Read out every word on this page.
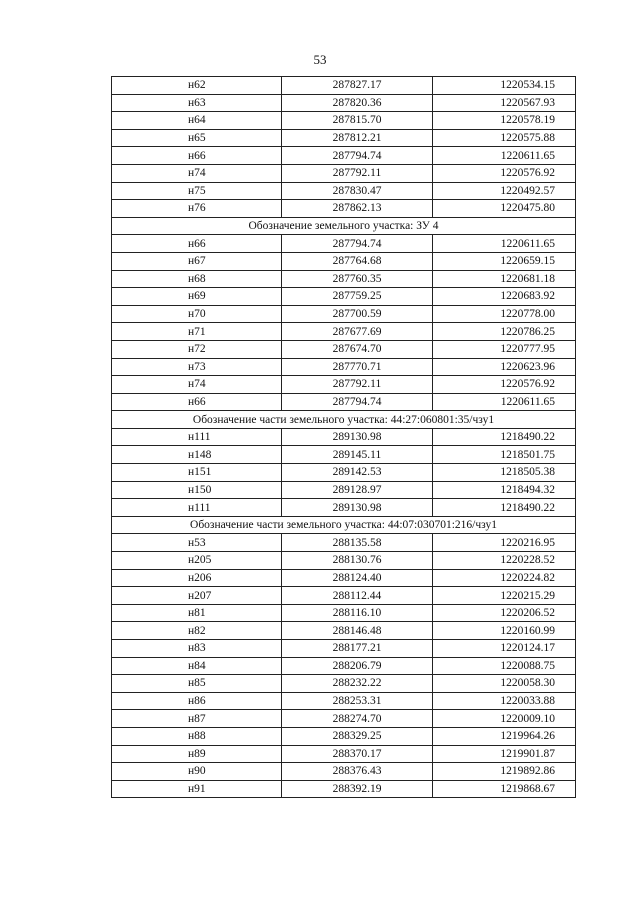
53
н62	287827.17	1220534.15
н63	287820.36	1220567.93
н64	287815.70	1220578.19
н65	287812.21	1220575.88
н66	287794.74	1220611.65
н74	287792.11	1220576.92
н75	287830.47	1220492.57
н76	287862.13	1220475.80
Обозначение земельного участка: ЗУ 4		
н66	287794.74	1220611.65
н67	287764.68	1220659.15
н68	287760.35	1220681.18
н69	287759.25	1220683.92
н70	287700.59	1220778.00
н71	287677.69	1220786.25
н72	287674.70	1220777.95
н73	287770.71	1220623.96
н74	287792.11	1220576.92
н66	287794.74	1220611.65
Обозначение части земельного участка: 44:27:060801:35/чзу1		
н111	289130.98	1218490.22
н148	289145.11	1218501.75
н151	289142.53	1218505.38
н150	289128.97	1218494.32
н111	289130.98	1218490.22
Обозначение части земельного участка: 44:07:030701:216/чзу1		
н53	288135.58	1220216.95
н205	288130.76	1220228.52
н206	288124.40	1220224.82
н207	288112.44	1220215.29
н81	288116.10	1220206.52
н82	288146.48	1220160.99
н83	288177.21	1220124.17
н84	288206.79	1220088.75
н85	288232.22	1220058.30
н86	288253.31	1220033.88
н87	288274.70	1220009.10
н88	288329.25	1219964.26
н89	288370.17	1219901.87
н90	288376.43	1219892.86
н91	288392.19	1219868.67
